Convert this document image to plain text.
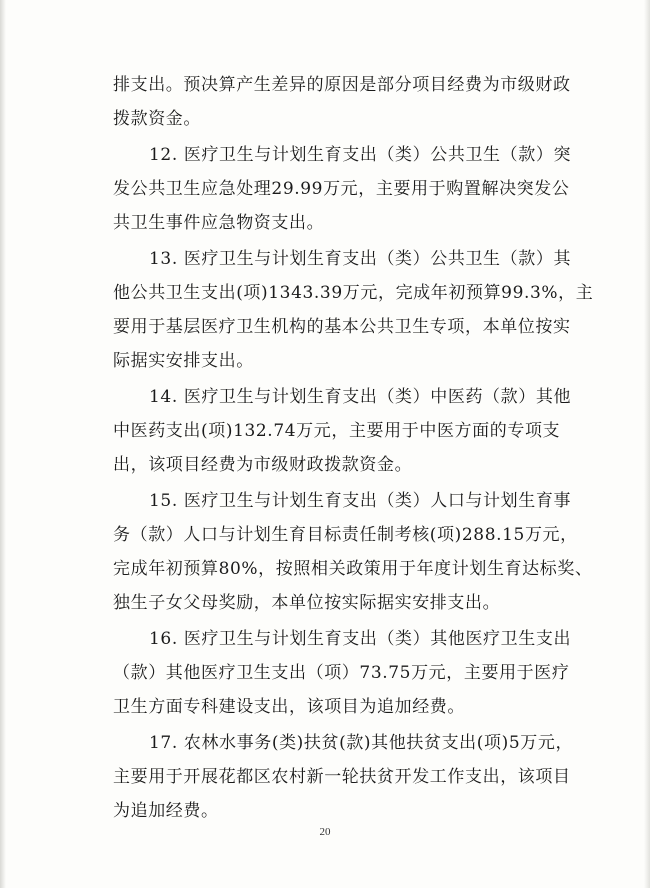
排支出。预决算产生差异的原因是部分项目经费为市级财政
拨款资金。

12. 医疗卫生与计划生育支出（类）公共卫生（款）突
发公共卫生应急处理29.99万元，主要用于购置解决突发公
共卫生事件应急物资支出。

13. 医疗卫生与计划生育支出（类）公共卫生（款）其
他公共卫生支出(项)1343.39万元，完成年初预算99.3%，主
要用于基层医疗卫生机构的基本公共卫生专项，本单位按实
际据实安排支出。

14. 医疗卫生与计划生育支出（类）中医药（款）其他
中医药支出(项)132.74万元，主要用于中医方面的专项支
出，该项目经费为市级财政拨款资金。

15. 医疗卫生与计划生育支出（类）人口与计划生育事
务（款）人口与计划生育目标责任制考核(项)288.15万元，
完成年初预算80%，按照相关政策用于年度计划生育达标奖、
独生子女父母奖励，本单位按实际据实安排支出。

16. 医疗卫生与计划生育支出（类）其他医疗卫生支出
（款）其他医疗卫生支出（项）73.75万元，主要用于医疗
卫生方面专科建设支出，该项目为追加经费。

17. 农林水事务(类)扶贫(款)其他扶贫支出(项)5万元，
主要用于开展花都区农村新一轮扶贫开发工作支出，该项目
为追加经费。

20
